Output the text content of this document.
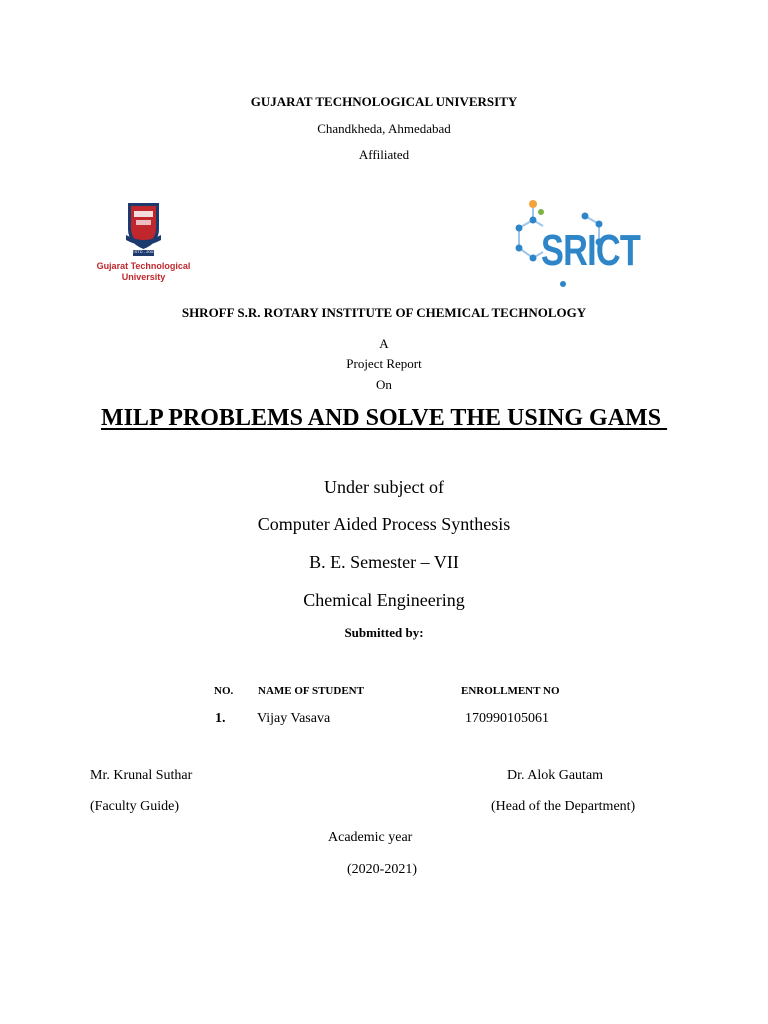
GUJARAT TECHNOLOGICAL UNIVERSITY
Chandkheda, Ahmedabad
Affiliated
ESTD - 2007
Gujarat Technological
University
SRICT
SHROFF S.R. ROTARY INSTITUTE OF CHEMICAL TECHNOLOGY
A
Project Report
On
MILP PROBLEMS AND SOLVE THE USING GAMS
Under subject of
Computer Aided Process Synthesis
B. E. Semester – VII
Chemical Engineering
Submitted by:
NO. NAME OF STUDENT	ENROLLMENT NO
1. Vijay Vasava	170990105061
Mr. Krunal Suthar
(Faculty Guide)
Dr. Alok Gautam
(Head of the Department)
Academic year
(2020-2021)
